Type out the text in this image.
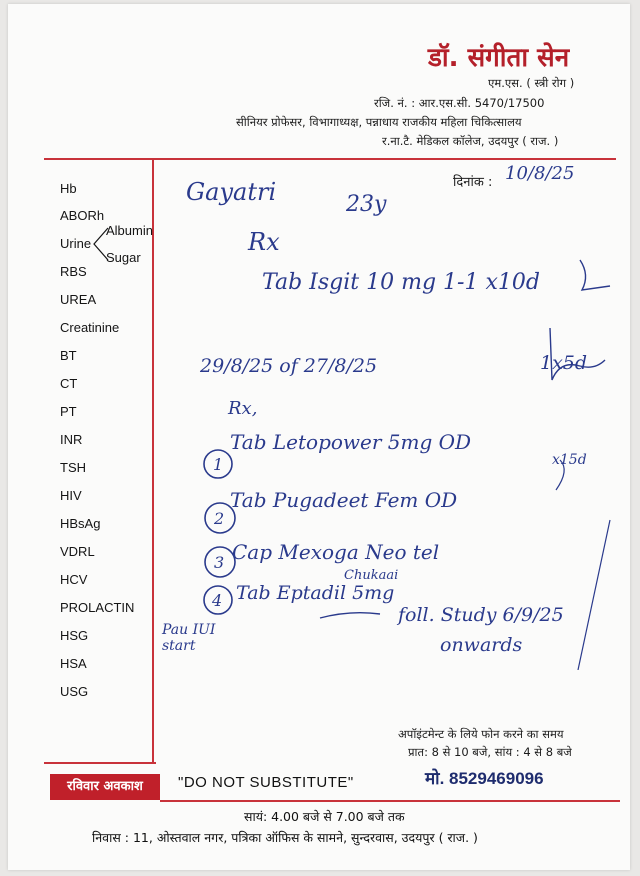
डॉ. संगीता सेन
एम.एस. ( स्त्री रोग )
रजि. नं. : आर.एस.सी. 5470/17500
सीनियर प्रोफेसर, विभागाध्यक्ष, पन्नाधाय राजकीय महिला चिकित्सालय
र.ना.टै. मेडिकल कॉलेज, उदयपुर ( राज. )
दिनांक : 10/8/25
Hb
ABORh
Urine
Albumin
Sugar
RBS
UREA
Creatinine
BT
CT
PT
INR
TSH
HIV
HBsAg
VDRL
HCV
PROLACTIN
HSG
HSA
USG
Gayatri	23y
Rx
Tab Isgit 10 mg 1-1 x10d
29/8/25 of 27/8/25	1x5d
Rx,
Tab Letopower 5mg OD
x15d
Tab Pugadeet Fem OD
Cap Mexoga Neo tel
Chukaai
Tab Eptadil 5mg
foll. Study 6/9/25
onwards
Pau IUI start
1
2
3
4
अपॉइंटमेन्ट के लिये फोन करने का समय
प्रात: 8 से 10 बजे, सांय : 4 से 8 बजे
मो. 8529469096
रविवार अवकाश	"DO NOT SUBSTITUTE"
सायं: 4.00 बजे से 7.00 बजे तक
निवास : 11, ओस्तवाल नगर, पत्रिका ऑफिस के सामने, सुन्दरवास, उदयपुर ( राज. )
